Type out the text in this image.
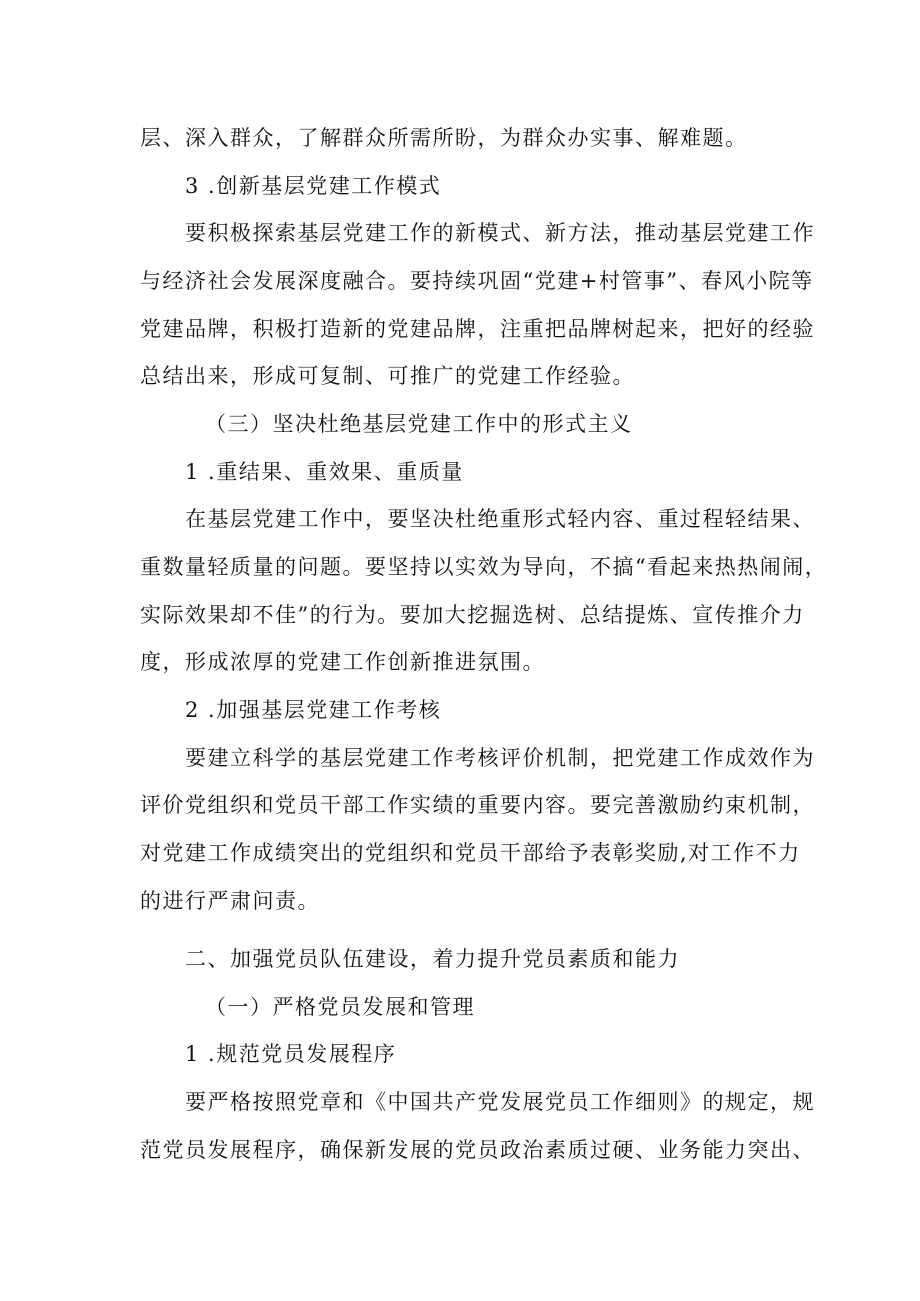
层、深入群众，了解群众所需所盼，为群众办实事、解难题。
3 .创新基层党建工作模式
要积极探索基层党建工作的新模式、新方法，推动基层党建工作
与经济社会发展深度融合。要持续巩固“党建+村管事”、春风小院等
党建品牌，积极打造新的党建品牌，注重把品牌树起来，把好的经验
总结出来，形成可复制、可推广的党建工作经验。
（三）坚决杜绝基层党建工作中的形式主义
1 .重结果、重效果、重质量
在基层党建工作中，要坚决杜绝重形式轻内容、重过程轻结果、
重数量轻质量的问题。要坚持以实效为导向，不搞“看起来热热闹闹，
实际效果却不佳”的行为。要加大挖掘选树、总结提炼、宣传推介力
度，形成浓厚的党建工作创新推进氛围。
2 .加强基层党建工作考核
要建立科学的基层党建工作考核评价机制，把党建工作成效作为
评价党组织和党员干部工作实绩的重要内容。要完善激励约束机制，
对党建工作成绩突出的党组织和党员干部给予表彰奖励,对工作不力
的进行严肃问责。
二、加强党员队伍建设，着力提升党员素质和能力
（一）严格党员发展和管理
1 .规范党员发展程序
要严格按照党章和《中国共产党发展党员工作细则》的规定，规
范党员发展程序，确保新发展的党员政治素质过硬、业务能力突出、
